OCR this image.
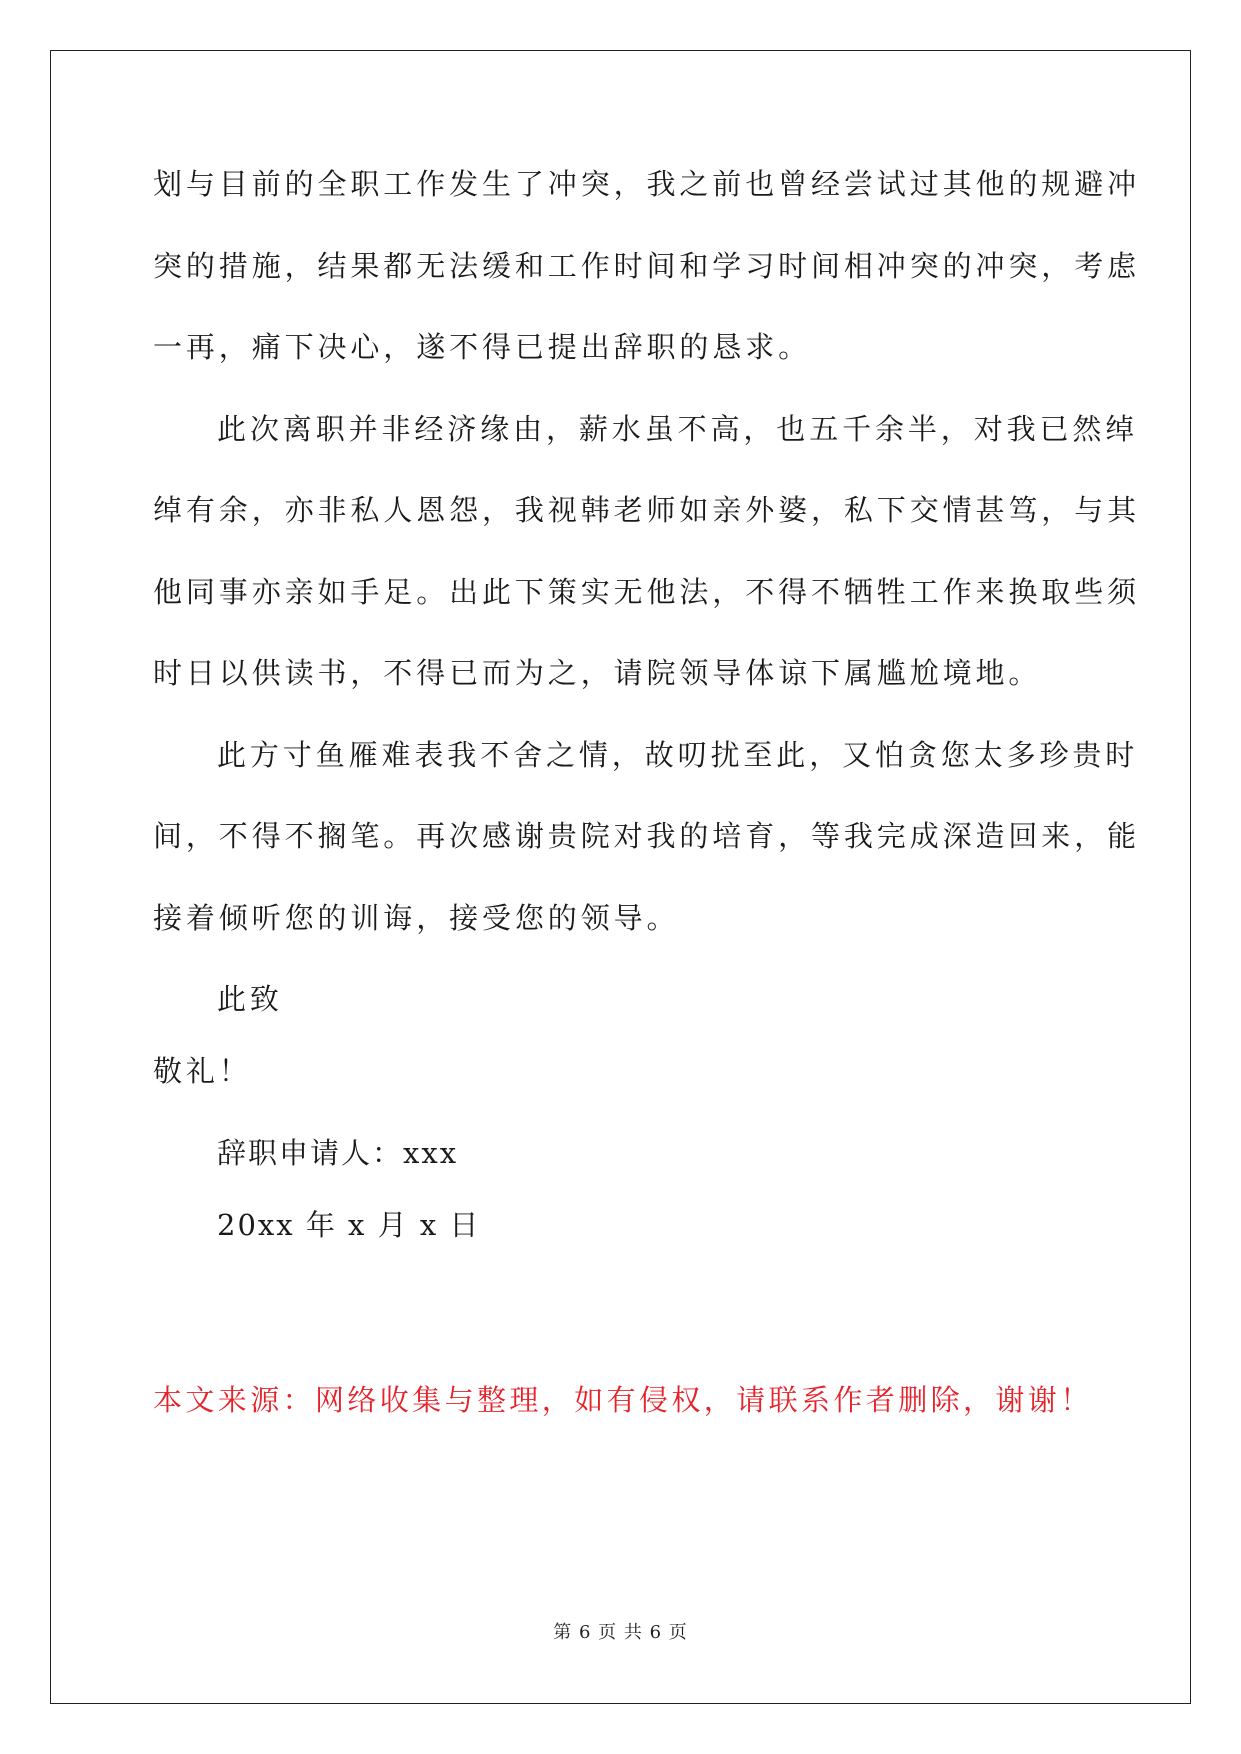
划与目前的全职工作发生了冲突，我之前也曾经尝试过其他的规避冲
突的措施，结果都无法缓和工作时间和学习时间相冲突的冲突，考虑
一再，痛下决心，遂不得已提出辞职的恳求。
此次离职并非经济缘由，薪水虽不高，也五千余半，对我已然绰
绰有余，亦非私人恩怨，我视韩老师如亲外婆，私下交情甚笃，与其
他同事亦亲如手足。出此下策实无他法，不得不牺牲工作来换取些须
时日以供读书，不得已而为之，请院领导体谅下属尴尬境地。
此方寸鱼雁难表我不舍之情，故叨扰至此，又怕贪您太多珍贵时
间，不得不搁笔。再次感谢贵院对我的培育，等我完成深造回来，能
接着倾听您的训诲，接受您的领导。
此致
敬礼！
辞职申请人：xxx
20xx 年 x 月 x 日
本文来源：网络收集与整理，如有侵权，请联系作者删除，谢谢！
第 6 页 共 6 页
